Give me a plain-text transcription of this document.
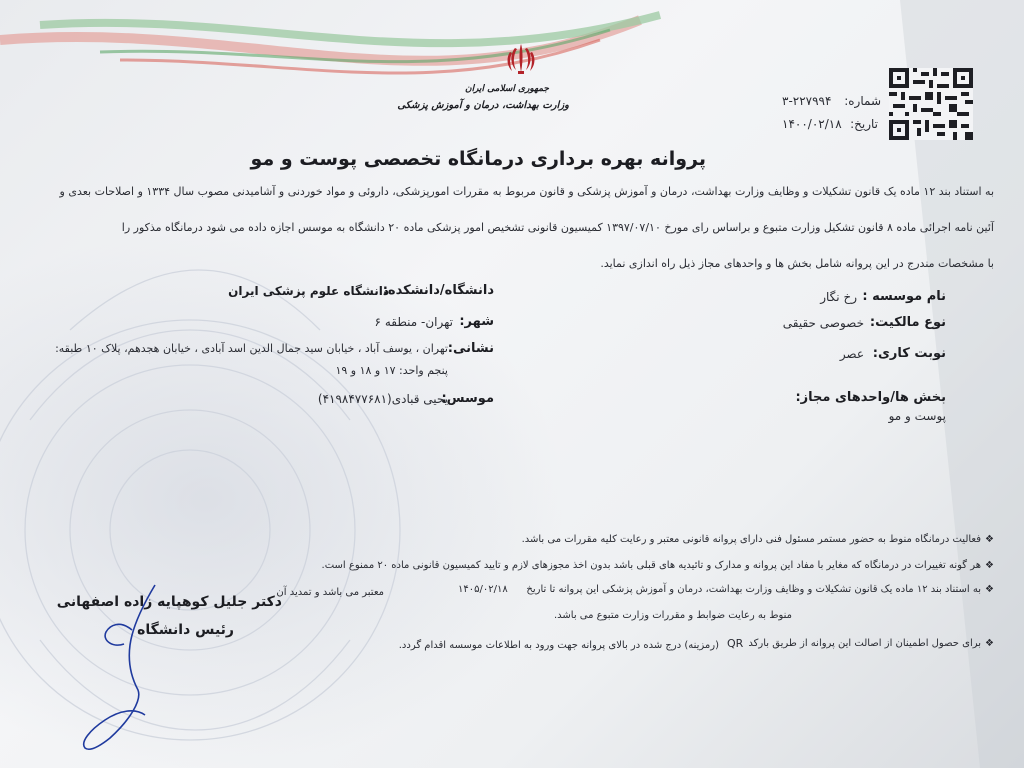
جمهوری اسلامی ایران
وزارت بهداشت، درمان و آموزش پزشکی	شماره:
۳-۲۲۷۹۹۴
تاریخ:
۱۴۰۰/۰۲/۱۸
پروانه بهره برداری درمانگاه تخصصی پوست و مو
به استناد بند ۱۲ ماده یک قانون تشکیلات و وظایف وزارت بهداشت، درمان و آموزش پزشکی و قانون مربوط به مقررات امورپزشکی، داروئی و مواد خوردنی و آشامیدنی مصوب سال ۱۳۳۴ و اصلاحات بعدی و
آئین نامه اجرائی ماده ۸ قانون تشکیل وزارت متبوع و براساس رای مورخ ۱۳۹۷/۰۷/۱۰ کمیسیون قانونی تشخیص امور پزشکی ماده ۲۰ دانشگاه به موسس اجازه داده می شود درمانگاه مذکور را
با مشخصات مندرج در این پروانه شامل بخش ها و واحدهای مجاز ذیل راه اندازی نماید.
نام موسسه :
رخ نگار
نوع مالکیت:
خصوصی حقیقی
نوبت کاری:
عصر
بخش ها/واحدهای مجاز:
پوست و مو
دانشگاه/دانشکده:
دانشگاه علوم پزشکی ایران
شهر:
تهران- منطقه ۶
نشانی:
تهران ، یوسف آباد ، خیابان سید جمال الدین اسد آبادی ، خیابان هجدهم، پلاک ۱۰ طبقه:
پنجم واحد: ۱۷ و ۱۸ و ۱۹
موسس:
یحیی قبادی(۴۱۹۸۴۷۷۶۸۱)
❖فعالیت درمانگاه منوط به حضور مستمر مسئول فنی دارای پروانه قانونی معتبر و رعایت کلیه مقررات می باشد.
❖هر گونه تغییرات در درمانگاه که مغایر با مفاد این پروانه و مدارک و تائیدیه های قبلی باشد بدون اخذ مجوزهای لازم و تایید کمیسیون قانونی ماده ۲۰ ممنوع است.
❖به استناد بند ۱۲ ماده یک قانون تشکیلات و وظایف وزارت بهداشت، درمان و آموزش پزشکی این پروانه تا تاریخ
۱۴۰۵/۰۲/۱۸
معتبر می باشد و تمدید آن
منوط به رعایت ضوابط و مقررات وزارت متبوع می باشد.
❖برای حصول اطمینان از اصالت این پروانه از طریق بارکد
QR
(رمزینه) درج شده در بالای پروانه جهت ورود به اطلاعات موسسه اقدام گردد.
دکتر جلیل کوهپایه زاده اصفهانی
رئیس دانشگاه
